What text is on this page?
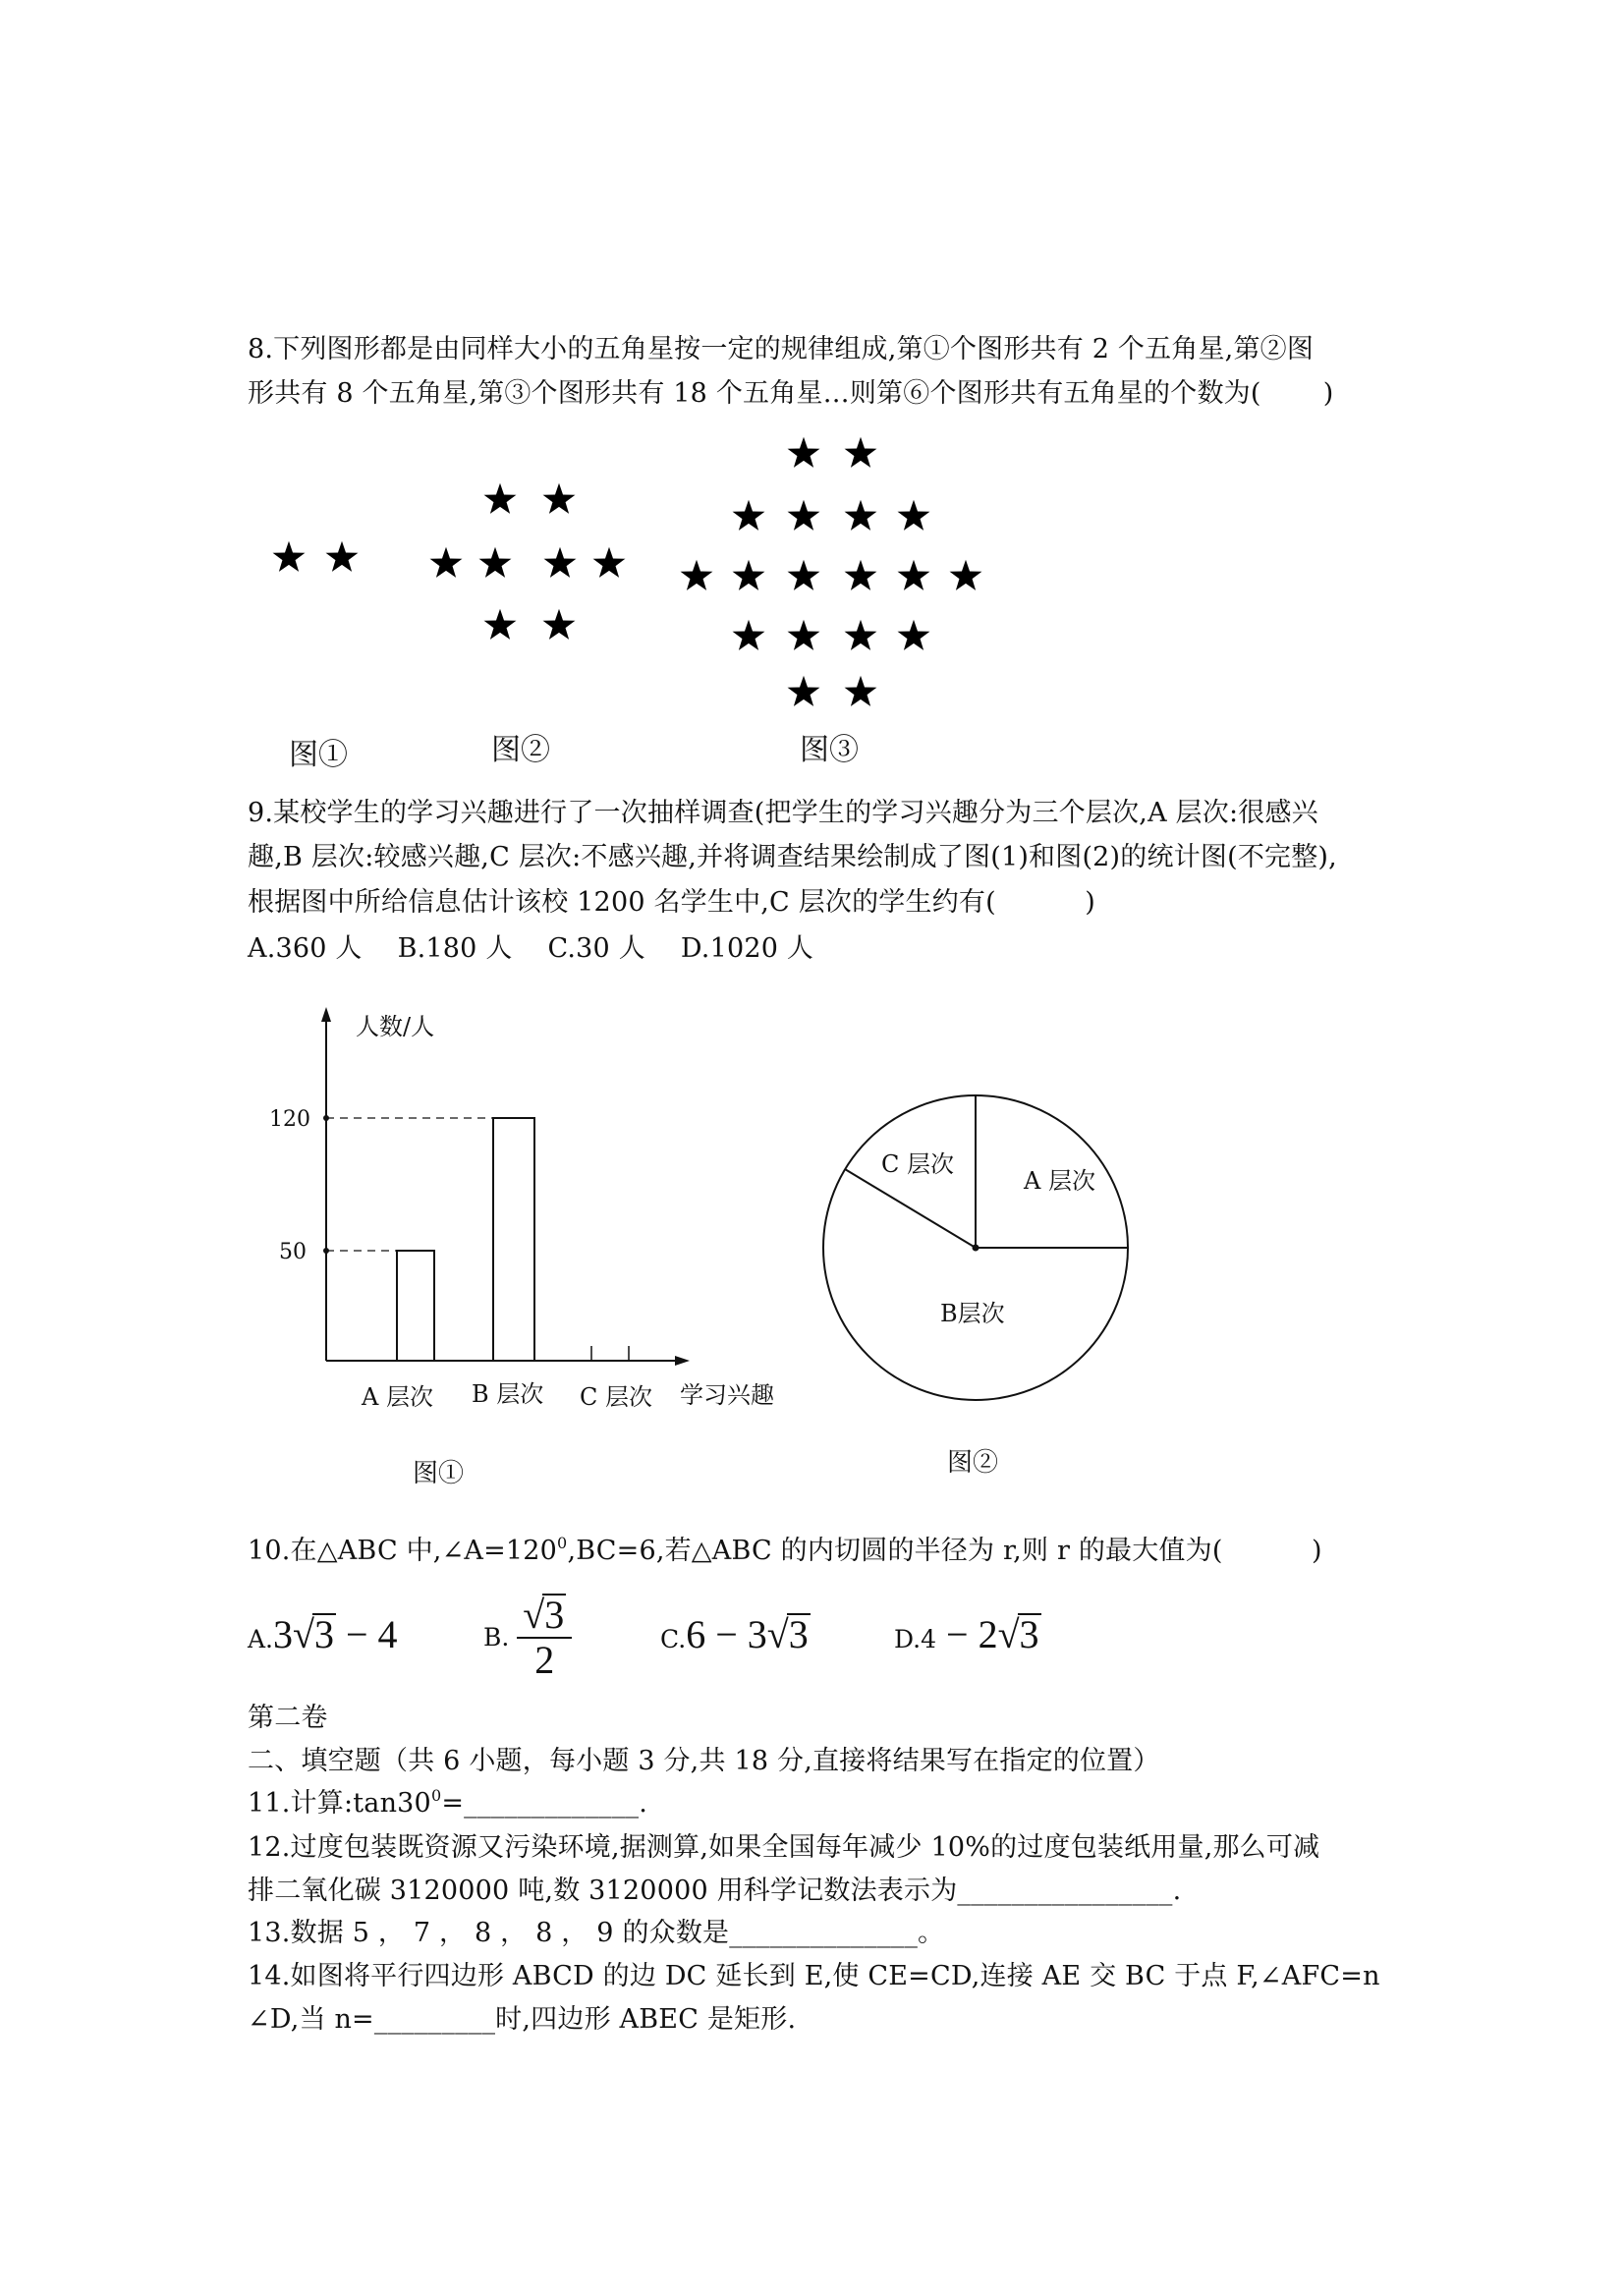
8.下列图形都是由同样大小的五角星按一定的规律组成,第①个图形共有 2 个五角星,第②图
形共有 8 个五角星,第③个图形共有 18 个五角星…则第⑥个图形共有五角星的个数为(　　 )
图①	图②	图③
9.某校学生的学习兴趣进行了一次抽样调查(把学生的学习兴趣分为三个层次,A 层次:很感兴
趣,B 层次:较感兴趣,C 层次:不感兴趣,并将调查结果绘制成了图(1)和图(2)的统计图(不完整),
根据图中所给信息估计该校 1200 名学生中,C 层次的学生约有(　　　 )
A.360 人　 B.180 人　 C.30 人　 D.1020 人
人数/人
学习兴趣
120
50
A 层次 B 层次 C 层次
图①
C 层次
A 层次
B层次
图②
10.在△ABC 中$,\angle A=120^0,BC=6$,若△ABC 的内切圆的半径为 r,则 r 的最大值为(　　　 )
A.3√3 − 4	B. $\frac{√3}{2}$	C.6 − 3√3	D.4 − 2√3
第二卷
二、填空题（共 6 小题，每小题 3 分,共 18 分,直接将结果写在指定的位置）
11.计算$:\tan 30^0=\_\_\_\_\_\_\_\_\_\_\_\_\_$.
12.过度包装既资源又污染环境,据测算,如果全国每年减少 10%的过度包装纸用量,那么可减
排二氧化碳 3120000 吨,数 3120000 用科学记数法表示为________________.
13.数据 5 ， 7 ， 8 ， 8 ， 9 的众数是______________。
14.如图将平行四边形 ABCD 的边 DC 延长到 E,使 CE=CD,连接 AE 交 BC 于点 F,∠AFC=n
∠D,当 n=_________时,四边形 ABEC 是矩形.
